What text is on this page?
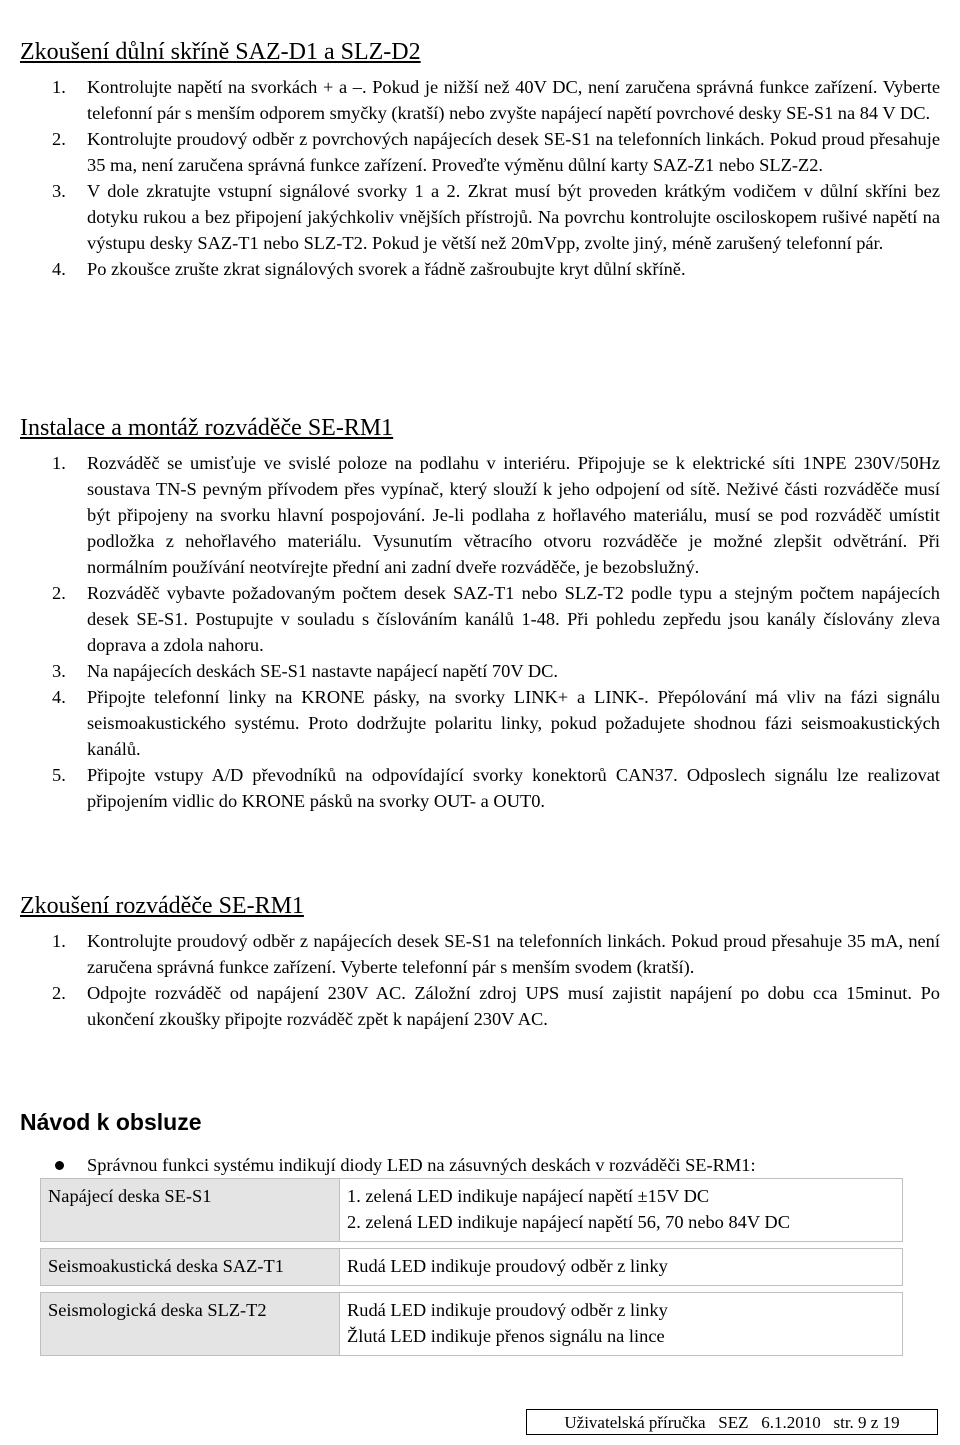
Zkoušení důlní skříně SAZ-D1 a SLZ-D2
1. Kontrolujte napětí na svorkách + a –. Pokud je nižší než 40V DC, není zaručena správná funkce zařízení. Vyberte telefonní pár s menším odporem smyčky (kratší) nebo zvyšte napájecí napětí povrchové desky SE-S1 na 84 V DC.
2. Kontrolujte proudový odběr z povrchových napájecích desek SE-S1 na telefonních linkách. Pokud proud přesahuje 35 ma, není zaručena správná funkce zařízení. Proveďte výměnu důlní karty SAZ-Z1 nebo SLZ-Z2.
3. V dole zkratujte vstupní signálové svorky 1 a 2. Zkrat musí být proveden krátkým vodičem v důlní skříni bez dotyku rukou a bez připojení jakýchkoliv vnějších přístrojů. Na povrchu kontrolujte osciloskopem rušivé napětí na výstupu desky SAZ-T1 nebo SLZ-T2. Pokud je větší než 20mVpp, zvolte jiný, méně zarušený telefonní pár.
4. Po zkoušce zrušte zkrat signálových svorek a řádně zašroubujte kryt důlní skříně.
Instalace a montáž rozváděče SE-RM1
1. Rozváděč se umisťuje ve svislé poloze na podlahu v interiéru. Připojuje se k elektrické síti 1NPE 230V/50Hz soustava TN-S pevným přívodem přes vypínač, který slouží k jeho odpojení od sítě. Neživé části rozváděče musí být připojeny na svorku hlavní pospojování. Je-li podlaha z hořlavého materiálu, musí se pod rozváděč umístit podložka z nehořlavého materiálu. Vysunutím větracího otvoru rozváděče je možné zlepšit odvětrání. Při normálním používání neotvírejte přední ani zadní dveře rozváděče, je bezobslužný.
2. Rozváděč vybavte požadovaným počtem desek SAZ-T1 nebo SLZ-T2 podle typu a stejným počtem napájecích desek SE-S1. Postupujte v souladu s číslováním kanálů 1-48. Při pohledu zepředu jsou kanály číslovány zleva doprava a zdola nahoru.
3. Na napájecích deskách SE-S1 nastavte napájecí napětí 70V DC.
4. Připojte telefonní linky na KRONE pásky, na svorky LINK+ a LINK-. Přepólování má vliv na fázi signálu seismoakustického systému. Proto dodržujte polaritu linky, pokud požadujete shodnou fázi seismoakustických kanálů.
5. Připojte vstupy A/D převodníků na odpovídající svorky konektorů CAN37. Odposlech signálu lze realizovat připojením vidlic do KRONE pásků na svorky OUT- a OUT0.
Zkoušení rozváděče SE-RM1
1. Kontrolujte proudový odběr z napájecích desek SE-S1 na telefonních linkách. Pokud proud přesahuje 35 mA, není zaručena správná funkce zařízení. Vyberte telefonní pár s menším svodem (kratší).
2. Odpojte rozváděč od napájení 230V AC. Záložní zdroj UPS musí zajistit napájení po dobu cca 15minut. Po ukončení zkoušky připojte rozváděč zpět k napájení 230V AC.
Návod k obsluze
Správnou funkci systému indikují diody LED na zásuvných deskách v rozváděči SE-RM1:
Napájecí deska SE-S1	1. zelená LED indikuje napájecí napětí ±15V DC
2. zelená LED indikuje napájecí napětí 56, 70 nebo 84V DC

Seismoakustická deska SAZ-T1	Rudá LED indikuje proudový odběr z linky

Seismologická deska SLZ-T2	Rudá LED indikuje proudový odběr z linky
Žlutá LED indikuje přenos signálu na lince
Uživatelská příručka   SEZ   6.1.2010   str. 9 z 19
